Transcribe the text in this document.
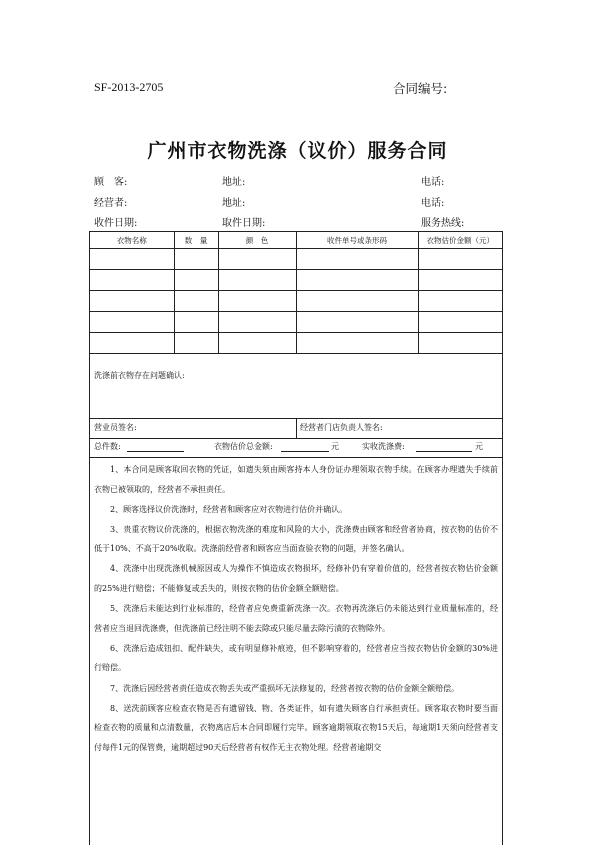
SF-2013-2705	合同编号:
广州市衣物洗涤（议价）服务合同
顾　客:	地址:	电话:
经营者:	地址:	电话:
收件日期:	取件日期:	服务热线:
衣物名称	数　量	颜　色	收件单号或条形码	衣物估价金额（元）

洗涤前衣物存在问题确认:
营业员签名:	经营者门店负责人签名:
总件数:	衣物估价总金额:	元	实收洗涤费:	元

1、本合同是顾客取回衣物的凭证，如遗失须由顾客持本人身份证办理领取衣物手续。在顾客办理遗失手续前衣物已被领取的，经营者不承担责任。

2、顾客选择议价洗涤时，经营者和顾客应对衣物进行估价并确认。

3、贵重衣物议价洗涤的，根据衣物洗涤的难度和风险的大小，洗涤费由顾客和经营者协商，按衣物的估价不低于10%、不高于20%收取。洗涤前经营者和顾客应当面查验衣物的问题，并签名确认。

4、洗涤中出现洗涤机械原因或人为操作不慎造成衣物损坏，经修补仍有穿着价值的，经营者按衣物估价金额的25%进行赔偿；不能修复或丢失的，则按衣物的估价金额全额赔偿。

5、洗涤后未能达到行业标准的，经营者应免费重新洗涤一次。衣物再洗涤后仍未能达到行业质量标准的，经营者应当退回洗涤费，但洗涤前已经注明不能去除或只能尽量去除污渍的衣物除外。

6、洗涤后造成钮扣、配件缺失，或有明显修补痕迹，但不影响穿着的，经营者应当按衣物估价金额的30%进行赔偿。

7、洗涤后因经营者责任造成衣物丢失或严重损坏无法修复的，经营者按衣物的估价金额全额赔偿。

8、送洗前顾客应检查衣物是否有遗留钱、物、各类证件，如有遗失顾客自行承担责任。顾客取衣物时要当面检查衣物的质量和点清数量，衣物离店后本合同即履行完毕。顾客逾期领取衣物15天后，每逾期1天须向经营者支付每件1元的保管费，逾期超过90天后经营者有权作无主衣物处理。经营者逾期交
